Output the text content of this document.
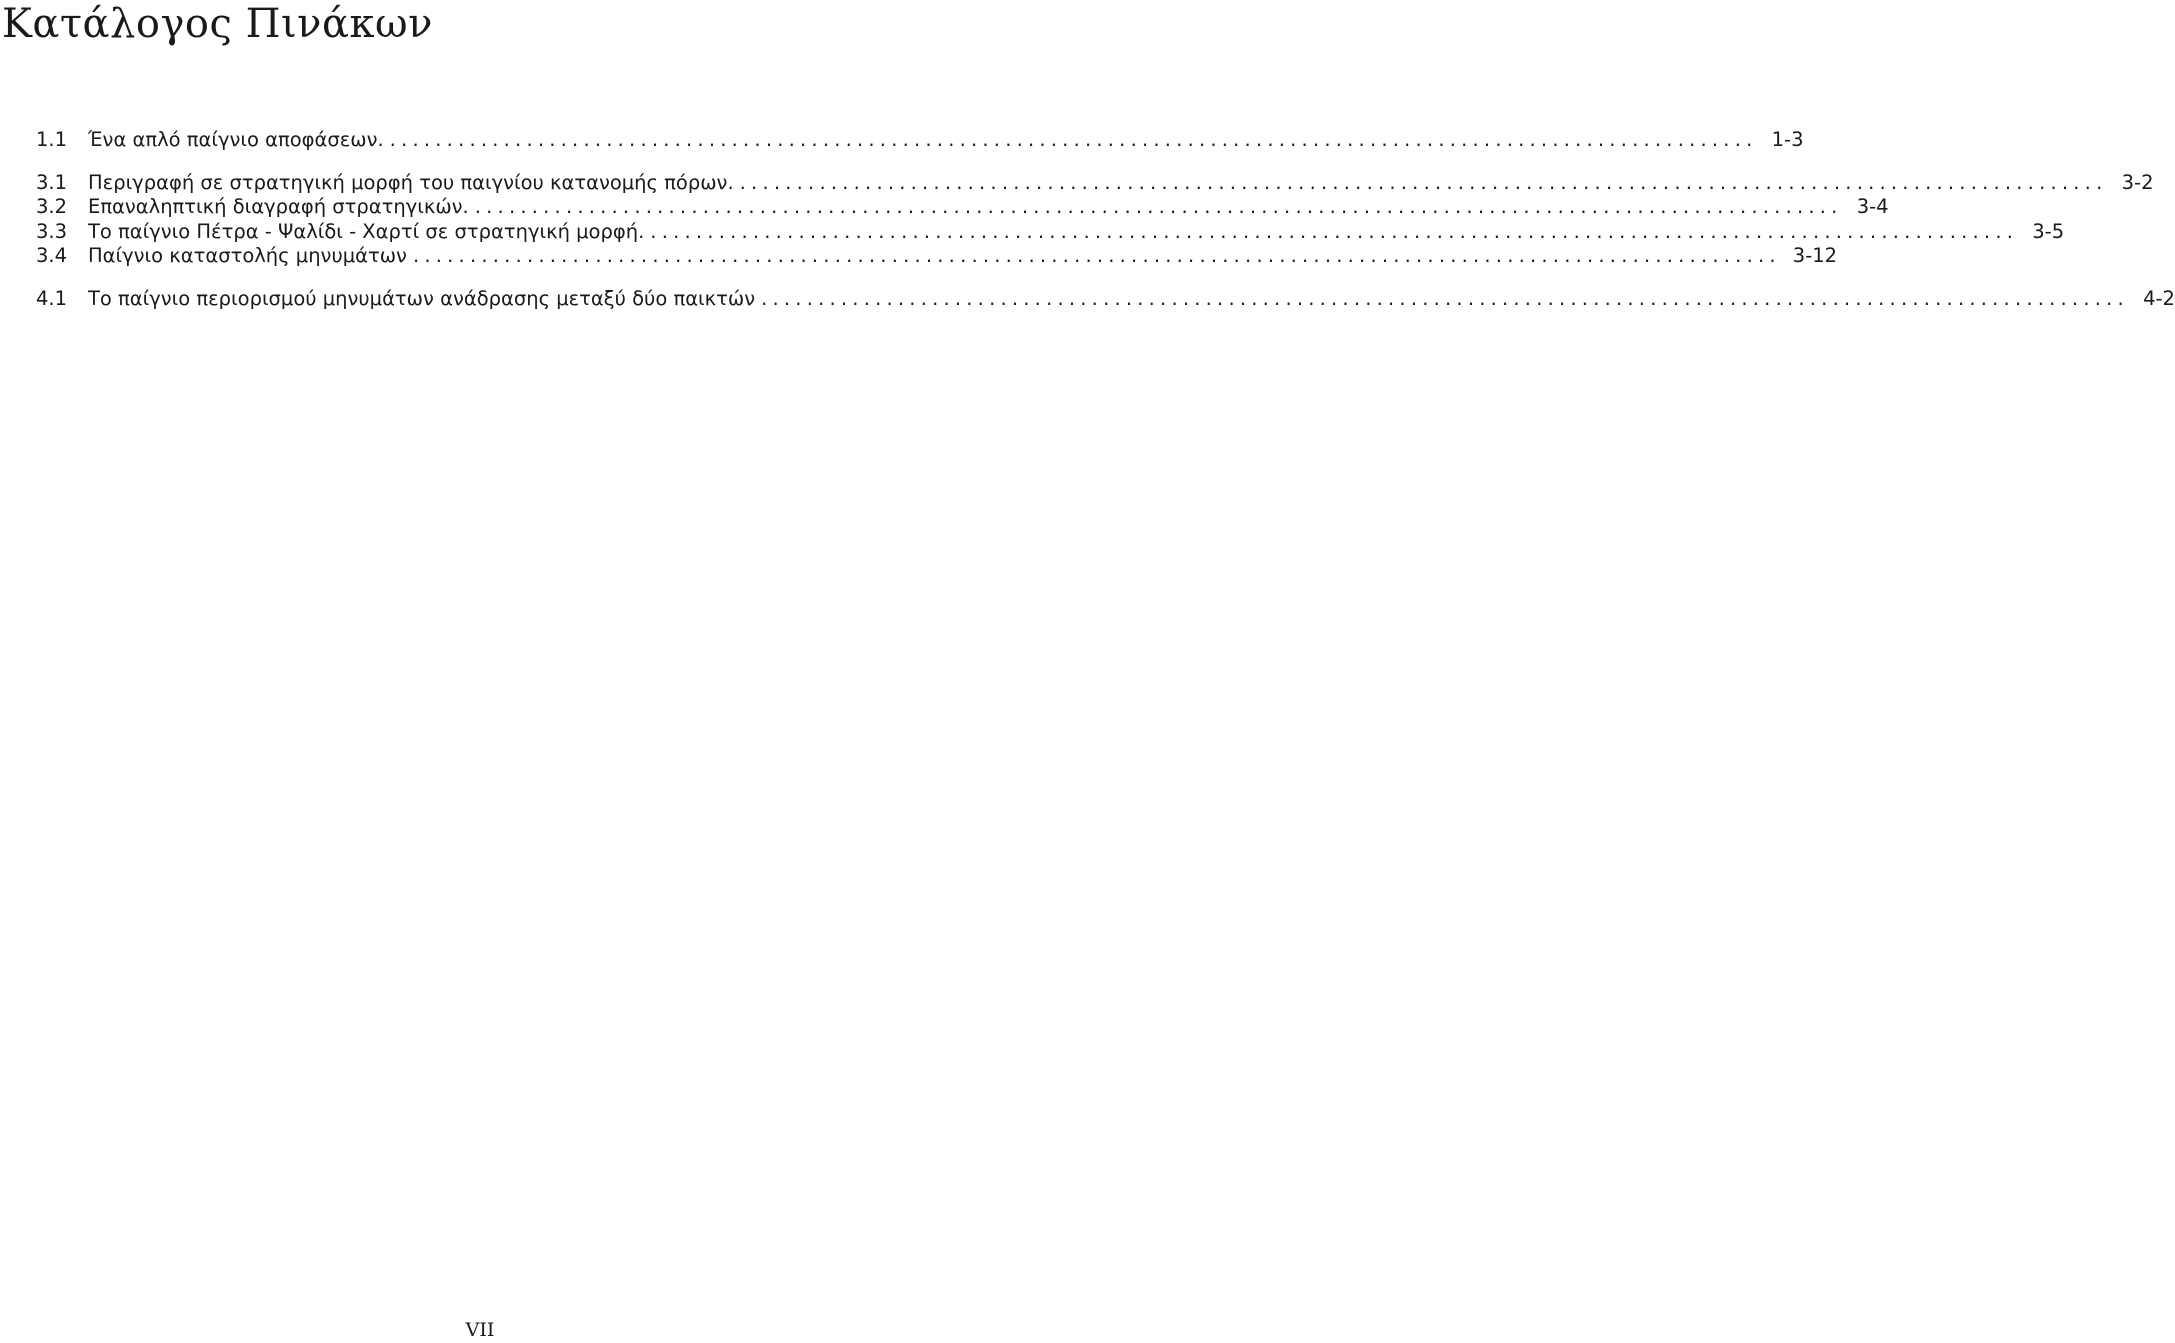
Κατάλογος Πινάκων
1.1	Ένα απλό παίγνιο αποφάσεων. ........................................................................................................................ 1-3
3.1	Περιγραφή σε στρατηγική μορφή του παιγνίου κατανομής πόρων. ........................................................................................................................ 3-2
3.2	Επαναληπτική διαγραφή στρατηγικών. ........................................................................................................................ 3-4
3.3	Το παίγνιο Πέτρα - Ψαλίδι - Χαρτί σε στρατηγική μορφή. ........................................................................................................................ 3-5
3.4	Παίγνιο καταστολής μηνυμάτων ........................................................................................................................ 3-12
4.1	Το παίγνιο περιορισμού μηνυμάτων ανάδρασης μεταξύ δύο παικτών ........................................................................................................................ 4-2
VII
